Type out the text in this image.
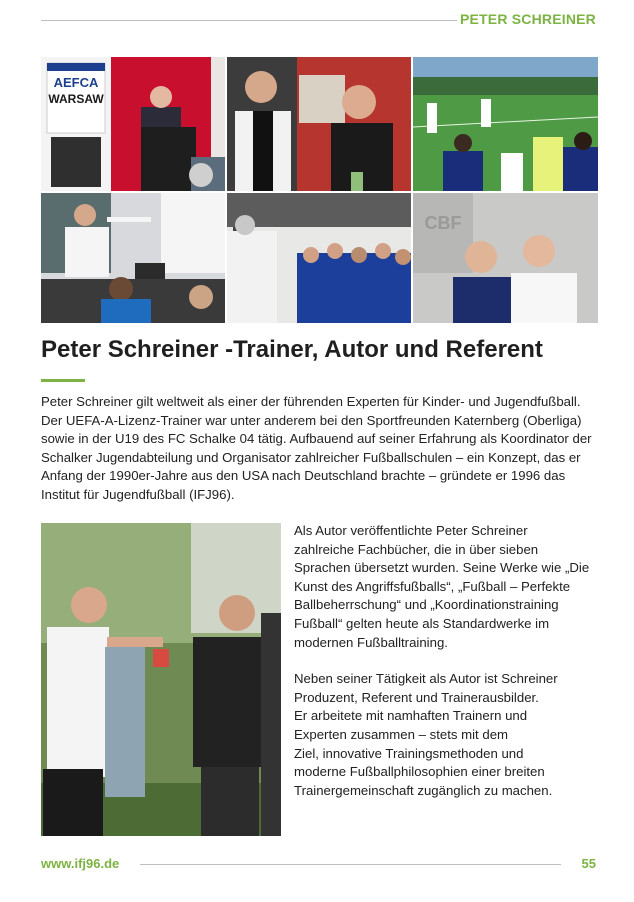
PETER SCHREINER
AEFCA
WARSAW
CBF
Peter Schreiner -Trainer, Autor und Referent

Peter Schreiner gilt weltweit als einer der führenden Experten für Kinder- und Jugendfußball. Der UEFA-A-Lizenz-Trainer war unter anderem bei den Sportfreunden Katernberg (Oberliga) sowie in der U19 des FC Schalke 04 tätig. Aufbauend auf seiner Erfahrung als Koordinator der Schalker Jugendabteilung und Organisator zahlreicher Fußballschulen – ein Konzept, das er Anfang der 1990er-Jahre aus den USA nach Deutschland brachte – gründete er 1996 das Institut für Jugendfußball (IFJ96).

Als Autor veröffentlichte Peter Schreiner
zahlreiche Fachbücher, die in über sieben
Sprachen übersetzt wurden. Seine Werke wie „Die
Kunst des Angriffsfußballs“, „Fußball – Perfekte
Ballbeherrschung“ und „Koordinationstraining
Fußball“ gelten heute als Standardwerke im
modernen Fußballtraining.

Neben seiner Tätigkeit als Autor ist Schreiner
Produzent, Referent und Trainerausbilder.
Er arbeitete mit namhaften Trainern und
Experten zusammen – stets mit dem
Ziel, innovative Trainingsmethoden und
moderne Fußballphilosophien einer breiten
Trainergemeinschaft zugänglich zu machen.

www.ifj96.de	55
